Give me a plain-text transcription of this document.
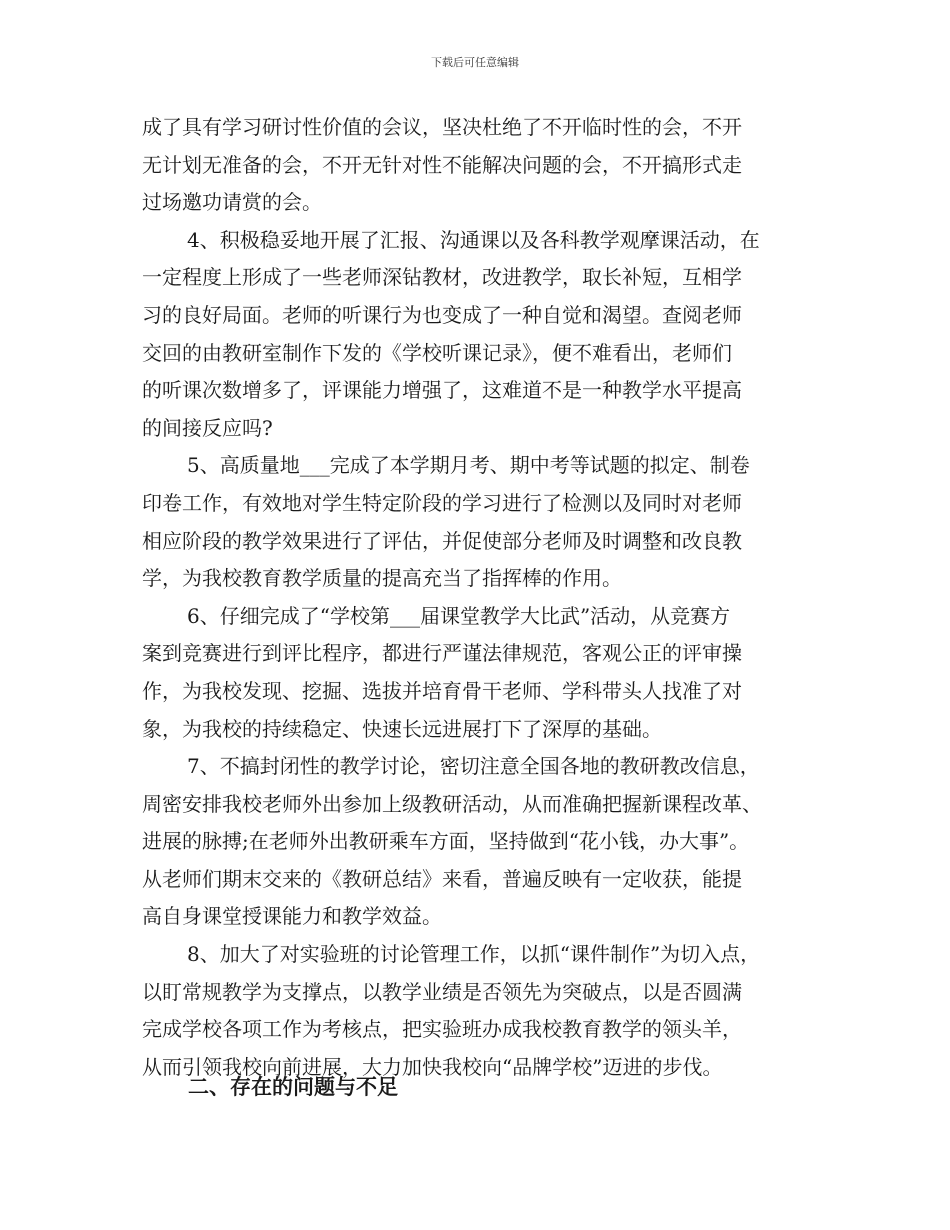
下载后可任意编辑
成了具有学习研讨性价值的会议，坚决杜绝了不开临时性的会，不开
无计划无准备的会，不开无针对性不能解决问题的会，不开搞形式走
过场邀功请赏的会。
4、积极稳妥地开展了汇报、沟通课以及各科教学观摩课活动，在
一定程度上形成了一些老师深钻教材，改进教学，取长补短，互相学
习的良好局面。老师的听课行为也变成了一种自觉和渴望。查阅老师
交回的由教研室制作下发的《学校听课记录》，便不难看出，老师们
的听课次数增多了，评课能力增强了，这难道不是一种教学水平提高
的间接反应吗?
5、高质量地___完成了本学期月考、期中考等试题的拟定、制卷
印卷工作，有效地对学生特定阶段的学习进行了检测以及同时对老师
相应阶段的教学效果进行了评估，并促使部分老师及时调整和改良教
学，为我校教育教学质量的提高充当了指挥棒的作用。
6、仔细完成了“学校第___届课堂教学大比武”活动，从竞赛方
案到竞赛进行到评比程序，都进行严谨法律规范，客观公正的评审操
作，为我校发现、挖掘、选拔并培育骨干老师、学科带头人找准了对
象，为我校的持续稳定、快速长远进展打下了深厚的基础。
7、不搞封闭性的教学讨论，密切注意全国各地的教研教改信息，
周密安排我校老师外出参加上级教研活动，从而准确把握新课程改革、
进展的脉搏;在老师外出教研乘车方面，坚持做到“花小钱，办大事”。
从老师们期末交来的《教研总结》来看，普遍反映有一定收获，能提
高自身课堂授课能力和教学效益。
8、加大了对实验班的讨论管理工作，以抓“课件制作”为切入点，
以盯常规教学为支撑点，以教学业绩是否领先为突破点，以是否圆满
完成学校各项工作为考核点，把实验班办成我校教育教学的领头羊，
从而引领我校向前进展，大力加快我校向“品牌学校”迈进的步伐。
二、存在的问题与不足
